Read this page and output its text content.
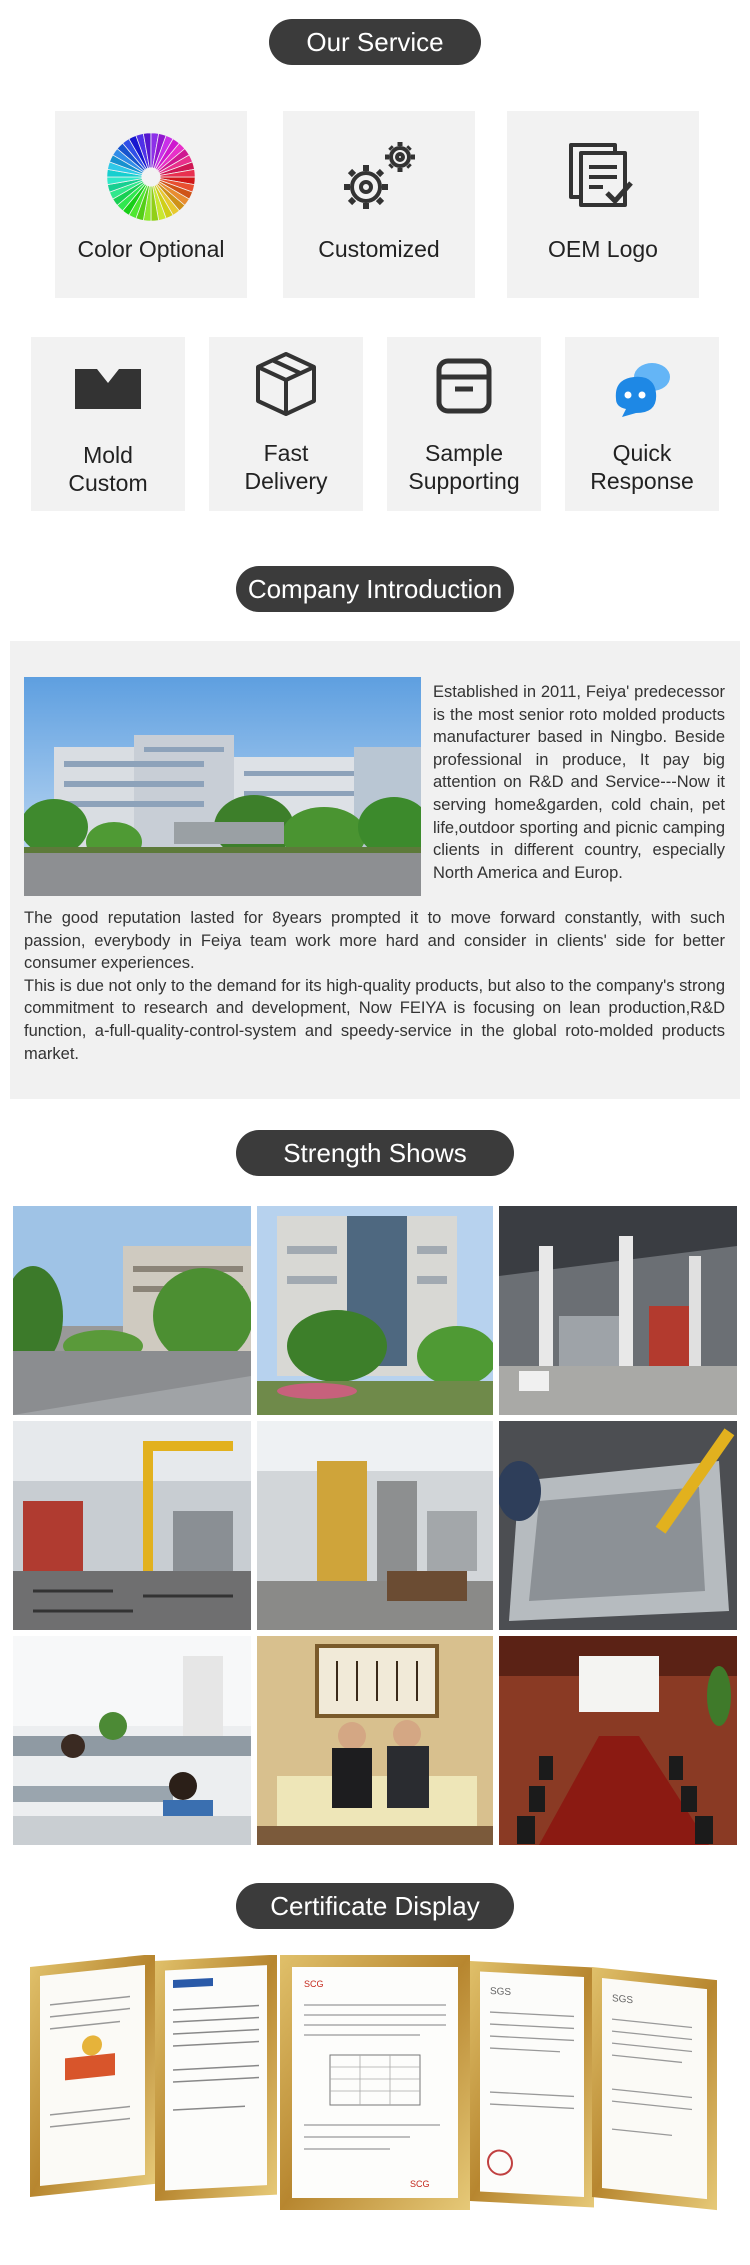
Our Service
Color Optional	Customized	OEM Logo
Mold
Custom
Fast
Delivery
Sample
Supporting
Quick
Response
Company Introduction
Established in 2011, Feiya' predecessor is the most senior roto molded products manufacturer based in Ningbo. Beside professional in produce, It pay big attention on R&D and Service---Now it serving home&garden, cold chain, pet life,outdoor sporting and picnic camping clients in different country, especially North America and Europ.

The good reputation lasted for 8years prompted it to move forward constantly, with such passion, everybody in Feiya team work more hard and consider in clients' side for better consumer experiences.

This is due not only to the demand for its high-quality products, but also to the company's strong commitment to research and development, Now FEIYA is focusing on lean production,R&D function, a-full-quality-control-system and speedy-service in the global roto-molded products market.

Strength Shows
Certificate Display
SCG
SCG
SGS
SGS
